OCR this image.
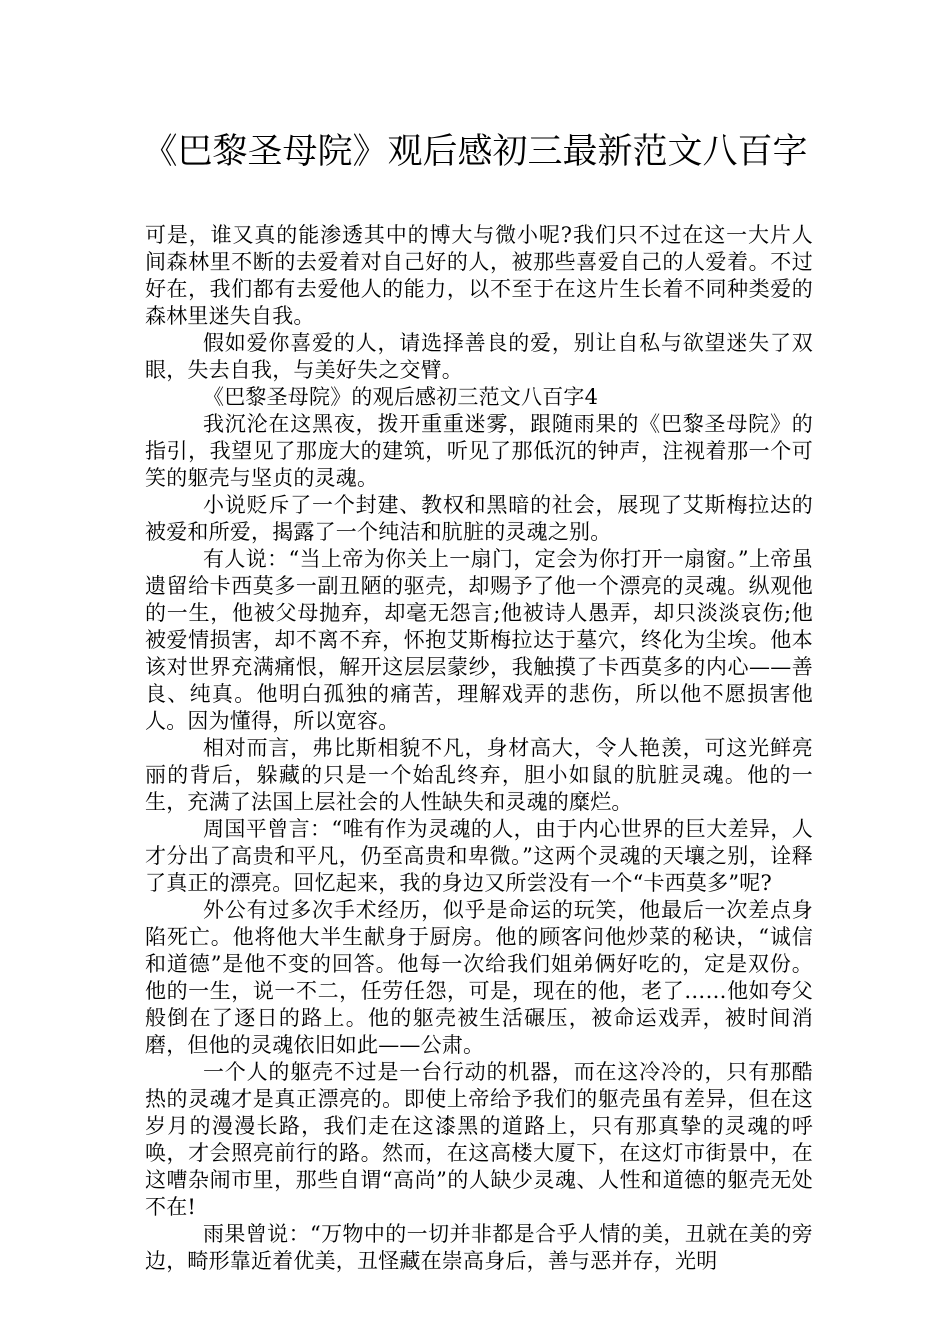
《巴黎圣母院》观后感初三最新范文八百字

可是，谁又真的能渗透其中的博大与微小呢?我们只不过在这一大片人间森林里不断的去爱着对自己好的人，被那些喜爱自己的人爱着。不过好在，我们都有去爱他人的能力，以不至于在这片生长着不同种类爱的森林里迷失自我。

假如爱你喜爱的人，请选择善良的爱，别让自私与欲望迷失了双眼，失去自我，与美好失之交臂。

《巴黎圣母院》的观后感初三范文八百字4

我沉沦在这黑夜，拨开重重迷雾，跟随雨果的《巴黎圣母院》的指引，我望见了那庞大的建筑，听见了那低沉的钟声，注视着那一个可笑的躯壳与坚贞的灵魂。

小说贬斥了一个封建、教权和黑暗的社会，展现了艾斯梅拉达的被爱和所爱，揭露了一个纯洁和肮脏的灵魂之别。

有人说：“当上帝为你关上一扇门，定会为你打开一扇窗。”上帝虽遗留给卡西莫多一副丑陋的驱壳，却赐予了他一个漂亮的灵魂。纵观他的一生，他被父母抛弃，却毫无怨言;他被诗人愚弄，却只淡淡哀伤;他被爱情损害，却不离不弃，怀抱艾斯梅拉达于墓穴，终化为尘埃。他本该对世界充满痛恨，解开这层层蒙纱，我触摸了卡西莫多的内心——善良、纯真。他明白孤独的痛苦，理解戏弄的悲伤，所以他不愿损害他人。因为懂得，所以宽容。

相对而言，弗比斯相貌不凡，身材高大，令人艳羡，可这光鲜亮丽的背后，躲藏的只是一个始乱终弃，胆小如鼠的肮脏灵魂。他的一生，充满了法国上层社会的人性缺失和灵魂的糜烂。

周国平曾言：“唯有作为灵魂的人，由于内心世界的巨大差异，人才分出了高贵和平凡，仍至高贵和卑微。”这两个灵魂的天壤之别，诠释了真正的漂亮。回忆起来，我的身边又所尝没有一个“卡西莫多”呢?

外公有过多次手术经历，似乎是命运的玩笑，他最后一次差点身陷死亡。他将他大半生献身于厨房。他的顾客问他炒菜的秘诀，“诚信和道德”是他不变的回答。他每一次给我们姐弟俩好吃的，定是双份。他的一生，说一不二，任劳任怨，可是，现在的他，老了……他如夸父般倒在了逐日的路上。他的躯壳被生活碾压，被命运戏弄，被时间消磨，但他的灵魂依旧如此——公肃。

一个人的躯壳不过是一台行动的机器，而在这冷冷的，只有那酷热的灵魂才是真正漂亮的。即使上帝给予我们的躯壳虽有差异，但在这岁月的漫漫长路，我们走在这漆黑的道路上，只有那真挚的灵魂的呼唤，才会照亮前行的路。然而，在这高楼大厦下，在这灯市街景中，在这嘈杂闹市里，那些自谓“高尚”的人缺少灵魂、人性和道德的躯壳无处不在!

雨果曾说：“万物中的一切并非都是合乎人情的美，丑就在美的旁边，畸形靠近着优美，丑怪藏在崇高身后，善与恶并存，光明
